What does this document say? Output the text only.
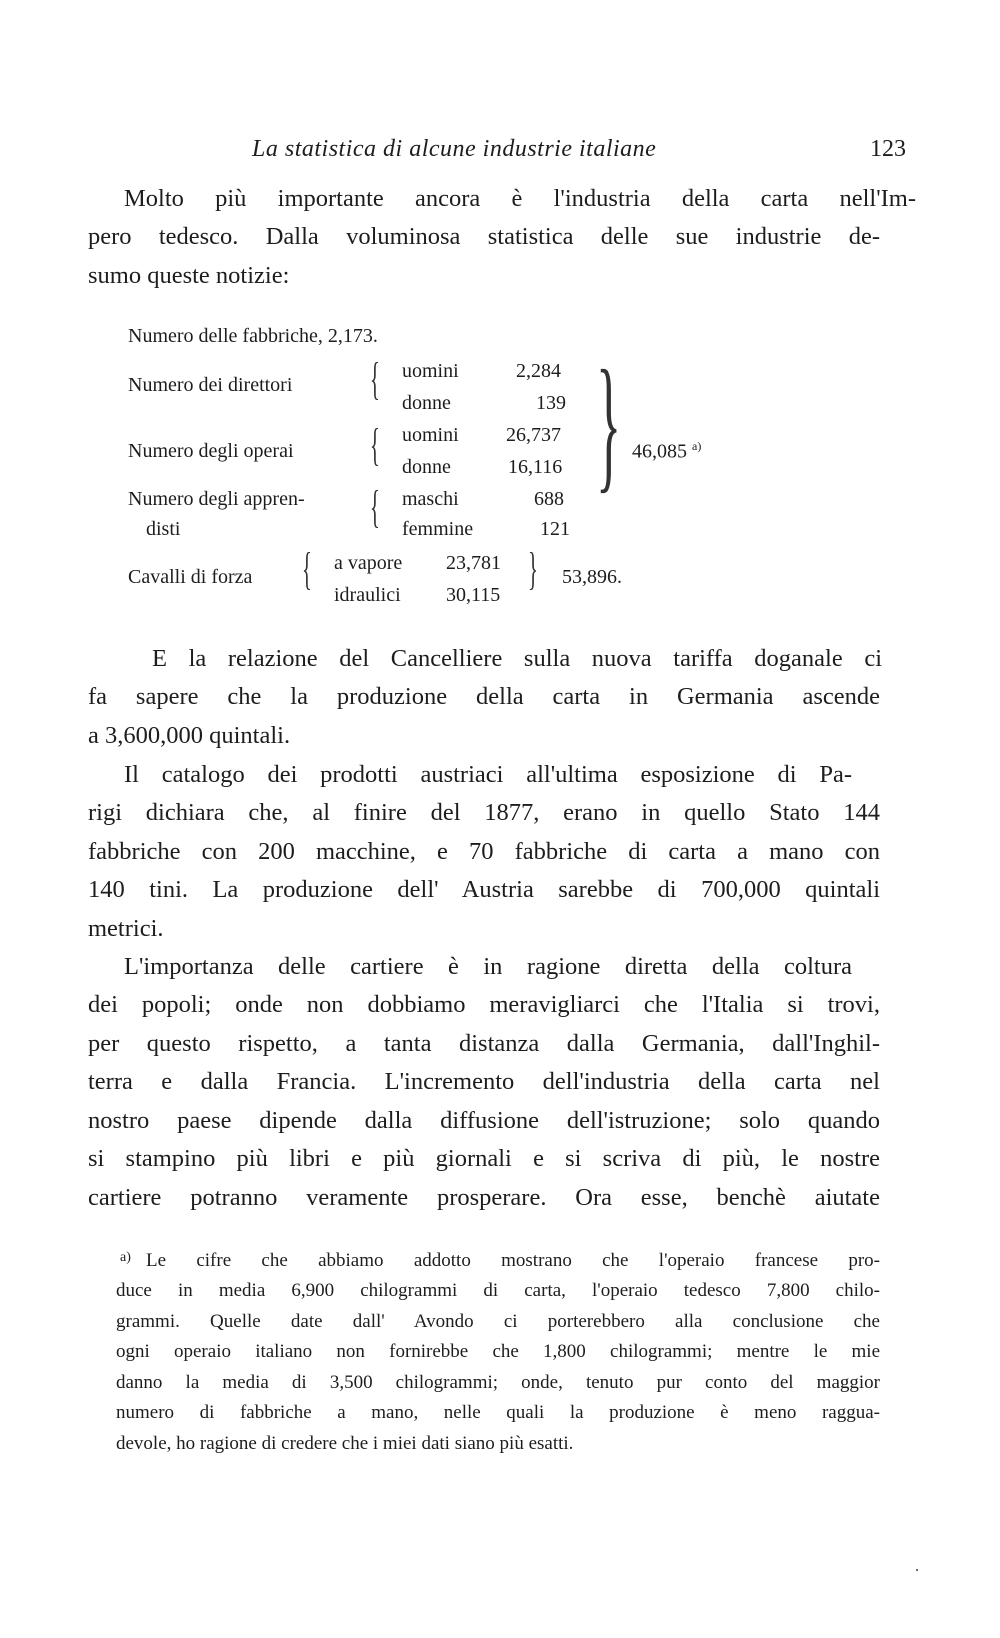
La statistica di alcune industrie italiane	123
Molto più importante ancora è l'industria della carta nell'Im-
pero tedesco. Dalla voluminosa statistica delle sue industrie de-
sumo queste notizie:
Numero delle fabbriche, 2,173.
Numero dei direttori { uomini	2,284
donne	139
Numero degli operai { uomini 26,737
donne	16,116
Numero degli appren-
disti	{ maschi	688
femmine	121
} 46,085 $^{a)}$
Cavalli di forza { a vapore 23,781
idraulici 30,115
} 53,896.
E la relazione del Cancelliere sulla nuova tariffa doganale ci
fa sapere che la produzione della carta in Germania ascende
a 3,600,000 quintali.
Il catalogo dei prodotti austriaci all'ultima esposizione di Pa-
rigi dichiara che, al finire del 1877, erano in quello Stato 144
fabbriche con 200 macchine, e 70 fabbriche di carta a mano con
140 tini. La produzione dell' Austria sarebbe di 700,000 quintali
metrici.
L'importanza delle cartiere è in ragione diretta della coltura
dei popoli; onde non dobbiamo meravigliarci che l'Italia si trovi,
per questo rispetto, a tanta distanza dalla Germania, dall'Inghil-
terra e dalla Francia. L'incremento dell'industria della carta nel
nostro paese dipende dalla diffusione dell'istruzione; solo quando
si stampino più libri e più giornali e si scriva di più, le nostre
cartiere potranno veramente prosperare. Ora esse, benchè aiutate
a) Le cifre che abbiamo addotto mostrano che l'operaio francese pro-
duce in media 6,900 chilogrammi di carta, l'operaio tedesco 7,800 chilo-
grammi. Quelle date dall' Avondo ci porterebbero alla conclusione che
ogni operaio italiano non fornirebbe che 1,800 chilogrammi; mentre le mie
danno la media di 3,500 chilogrammi; onde, tenuto pur conto del maggior
numero di fabbriche a mano, nelle quali la produzione è meno raggua-
devole, ho ragione di credere che i miei dati siano più esatti.
·
